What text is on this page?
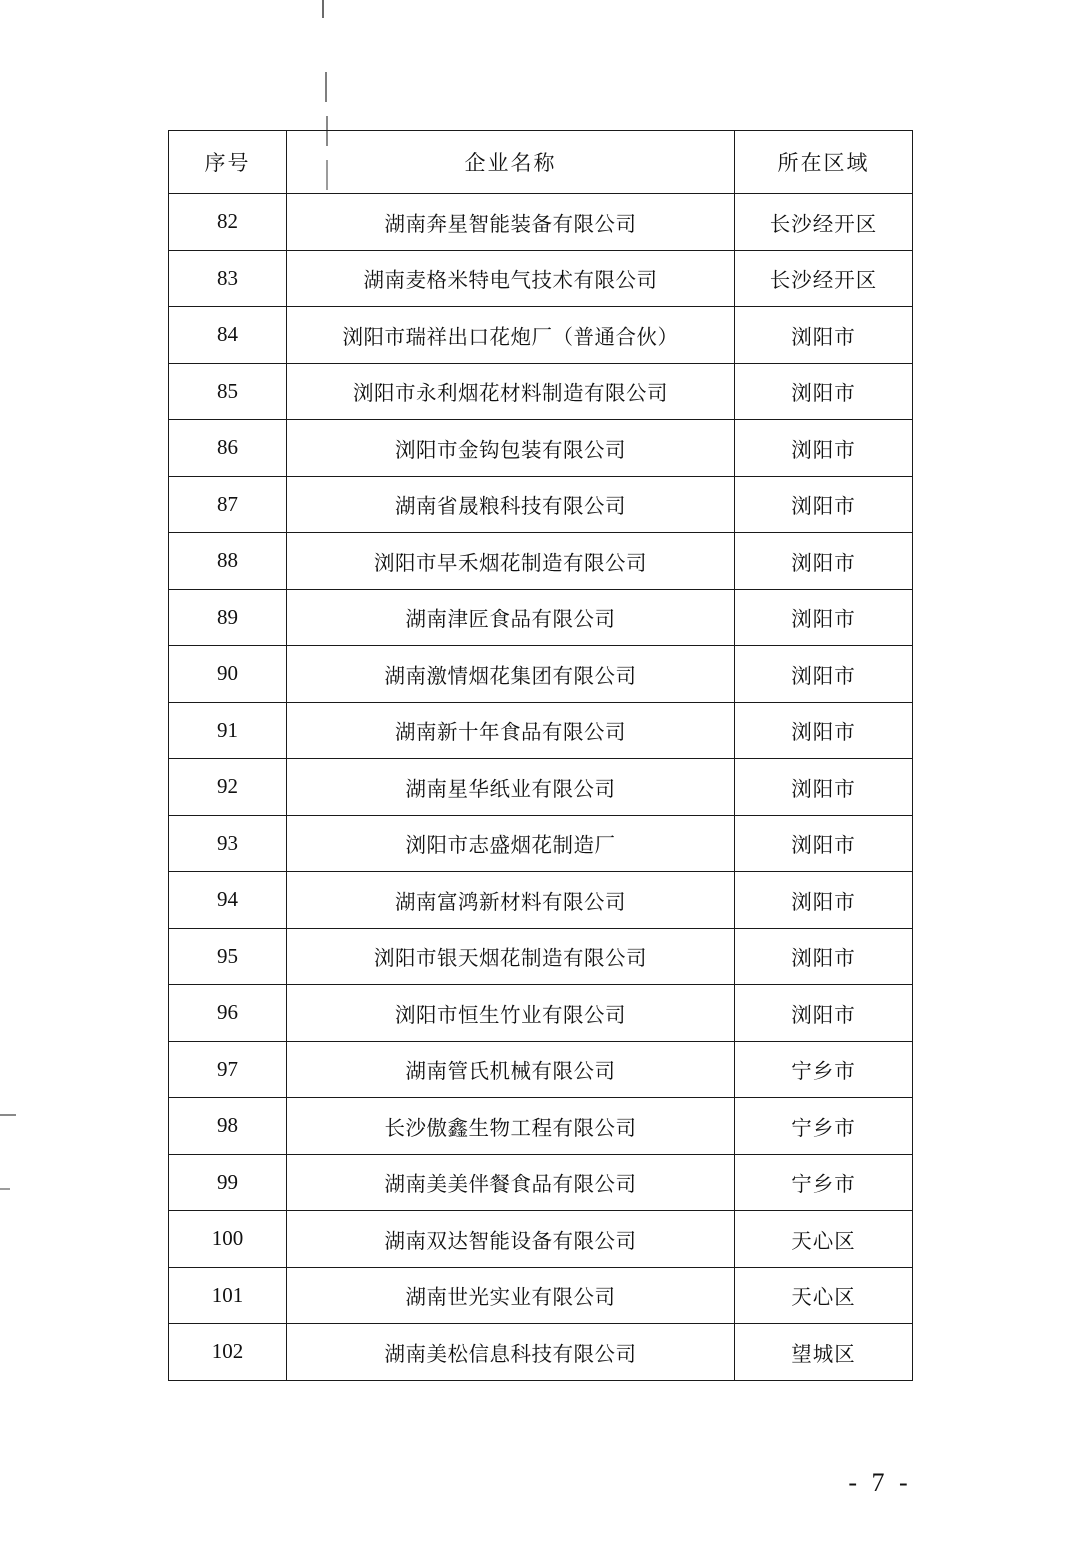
序号	企业名称	所在区域
82	湖南奔星智能装备有限公司	长沙经开区
83	湖南麦格米特电气技术有限公司	长沙经开区
84	浏阳市瑞祥出口花炮厂（普通合伙）	浏阳市
85	浏阳市永利烟花材料制造有限公司	浏阳市
86	浏阳市金钩包装有限公司	浏阳市
87	湖南省晟粮科技有限公司	浏阳市
88	浏阳市早禾烟花制造有限公司	浏阳市
89	湖南津匠食品有限公司	浏阳市
90	湖南激情烟花集团有限公司	浏阳市
91	湖南新十年食品有限公司	浏阳市
92	湖南星华纸业有限公司	浏阳市
93	浏阳市志盛烟花制造厂	浏阳市
94	湖南富鸿新材料有限公司	浏阳市
95	浏阳市银天烟花制造有限公司	浏阳市
96	浏阳市恒生竹业有限公司	浏阳市
97	湖南管氏机械有限公司	宁乡市
98	长沙傲鑫生物工程有限公司	宁乡市
99	湖南美美伴餐食品有限公司	宁乡市
100	湖南双达智能设备有限公司	天心区
101	湖南世光实业有限公司	天心区
102	湖南美松信息科技有限公司	望城区
- 7 -
